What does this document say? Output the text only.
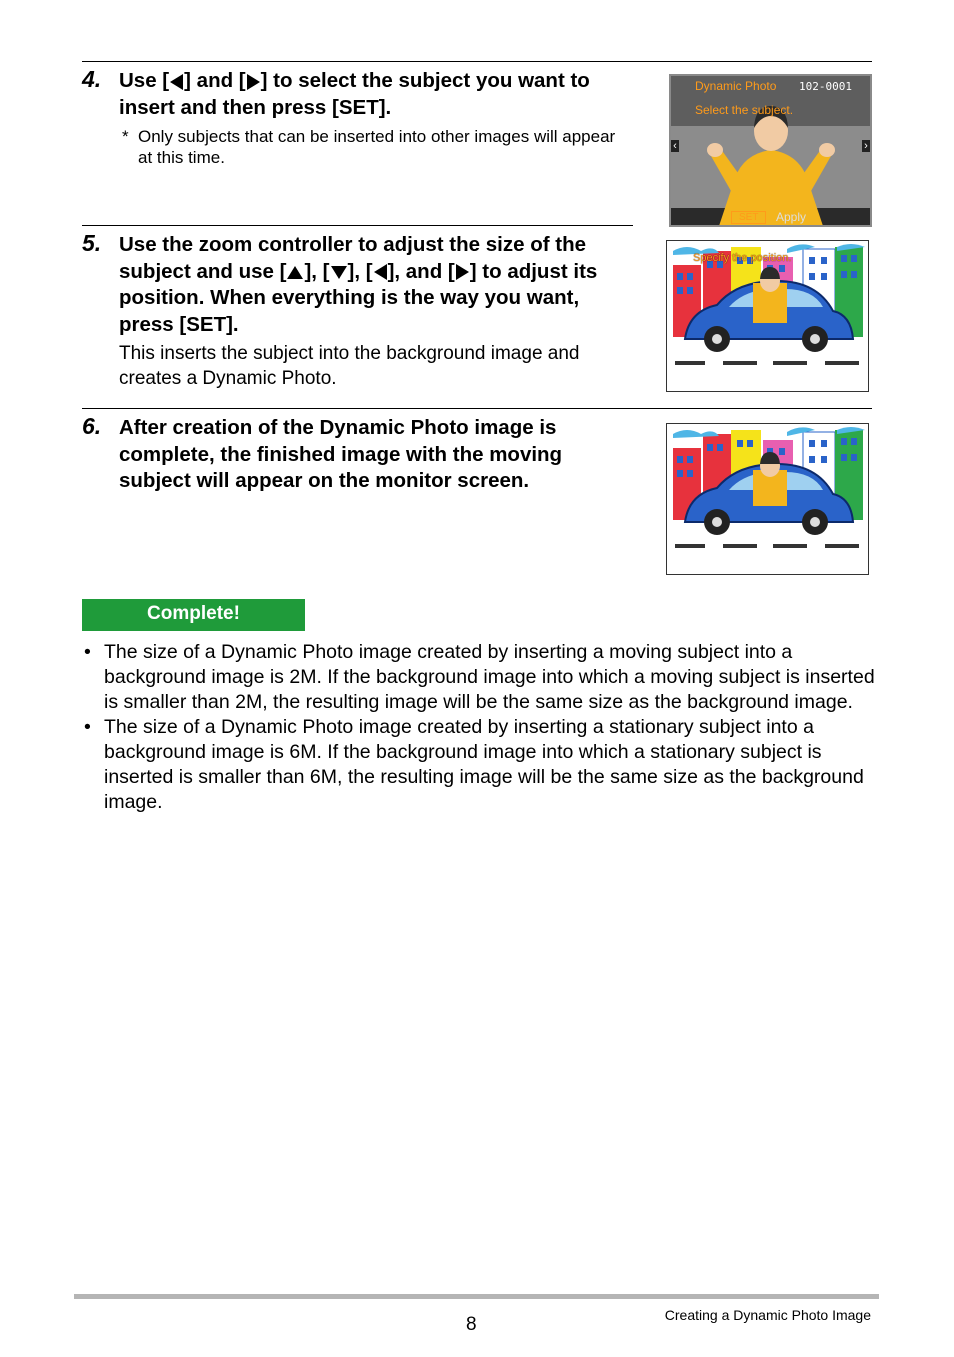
4. Use [ ] and [ ] to select the subject you want to insert and then press [SET].
* Only subjects that can be inserted into other images will appear at this time.
Dynamic Photo 102-0001
Select the subject.
‹	›
SET	Apply
5. Use the zoom controller to adjust the size of the subject and use [ ], [ ], [ ], and [ ] to adjust its position. When everything is the way you want, press [SET].
This inserts the subject into the background image and creates a Dynamic Photo.
Specify the position.
6. After creation of the Dynamic Photo image is complete, the finished image with the moving subject will appear on the monitor screen.
Complete!
• The size of a Dynamic Photo image created by inserting a moving subject into a background image is 2M. If the background image into which a moving subject is inserted is smaller than 2M, the resulting image will be the same size as the background image.
• The size of a Dynamic Photo image created by inserting a stationary subject into a background image is 6M. If the background image into which a stationary subject is inserted is smaller than 6M, the resulting image will be the same size as the background image.
8	Creating a Dynamic Photo Image
